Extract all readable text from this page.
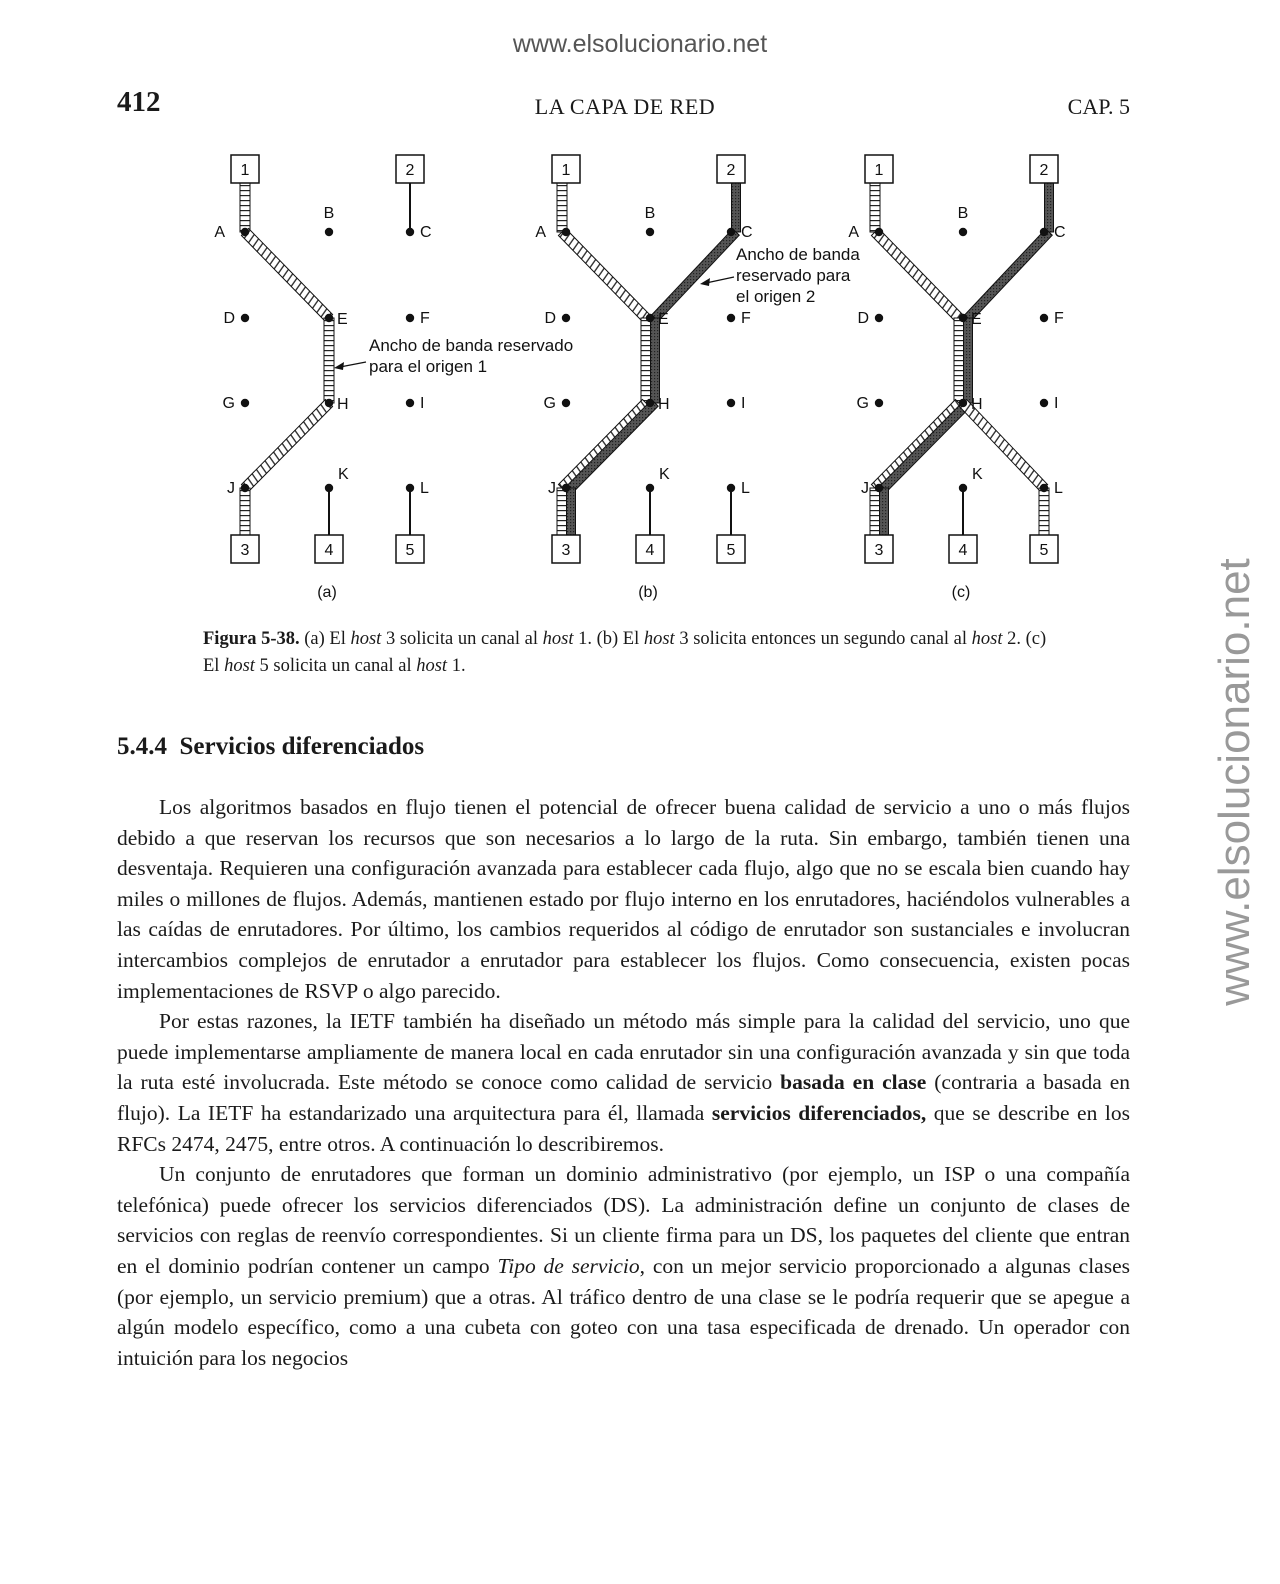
www.elsolucionario.net
www.elsolucionario.net
412	LA CAPA DE RED	CAP. 5
A
B
C
D	E	F
G	H	I
J
K
L
1	2
3	4	5
(a)
Ancho de banda reservado
para el origen 1
A
B
C
D	E	F
G	H	I
J
K
L
1	2
3	4	5
(b)
Ancho de banda
reservado para
el origen 2
A
B
C
D	E	F
G	H	I
J
K
L
1	2
3	4	5
(c)
Figura 5-38. (a) El host 3 solicita un canal al host 1. (b) El host 3 solicita entonces un segundo canal al host 2. (c) El host 5 solicita un canal al host 1.
5.4.4 Servicios diferenciados

Los algoritmos basados en flujo tienen el potencial de ofrecer buena calidad de servicio a uno o más flujos debido a que reservan los recursos que son necesarios a lo largo de la ruta. Sin embargo, también tienen una desventaja. Requieren una configuración avanzada para establecer cada flujo, algo que no se escala bien cuando hay miles o millones de flujos. Además, mantienen estado por flujo interno en los enrutadores, haciéndolos vulnerables a las caídas de enrutadores. Por último, los cambios requeridos al código de enrutador son sustanciales e involucran intercambios complejos de enrutador a enrutador para establecer los flujos. Como consecuencia, existen pocas implementaciones de RSVP o algo parecido.

Por estas razones, la IETF también ha diseñado un método más simple para la calidad del servicio, uno que puede implementarse ampliamente de manera local en cada enrutador sin una configuración avanzada y sin que toda la ruta esté involucrada. Este método se conoce como calidad de servicio basada en clase (contraria a basada en flujo). La IETF ha estandarizado una arquitectura para él, llamada servicios diferenciados, que se describe en los RFCs 2474, 2475, entre otros. A continuación lo describiremos.

Un conjunto de enrutadores que forman un dominio administrativo (por ejemplo, un ISP o una compañía telefónica) puede ofrecer los servicios diferenciados (DS). La administración define un conjunto de clases de servicios con reglas de reenvío correspondientes. Si un cliente firma para un DS, los paquetes del cliente que entran en el dominio podrían contener un campo Tipo de servicio, con un mejor servicio proporcionado a algunas clases (por ejemplo, un servicio premium) que a otras. Al tráfico dentro de una clase se le podría requerir que se apegue a algún modelo específico, como a una cubeta con goteo con una tasa especificada de drenado. Un operador con intuición para los negocios
